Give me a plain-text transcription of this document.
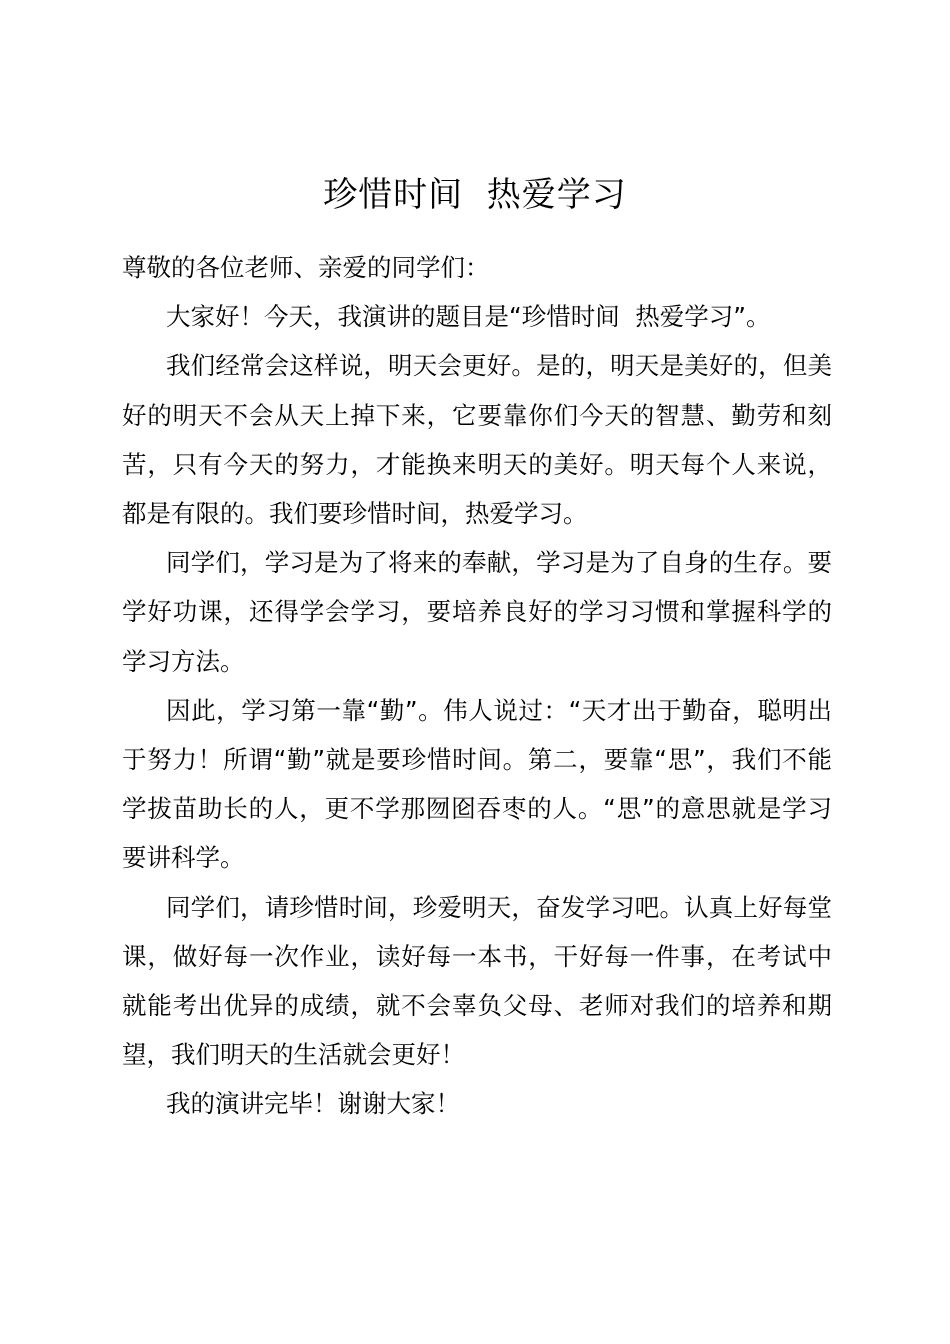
珍惜时间  热爱学习

尊敬的各位老师、亲爱的同学们：

大家好！今天，我演讲的题目是“珍惜时间  热爱学习”。

我们经常会这样说，明天会更好。是的，明天是美好的，但美好的明天不会从天上掉下来，它要靠你们今天的智慧、勤劳和刻苦，只有今天的努力，才能换来明天的美好。明天每个人来说，都是有限的。我们要珍惜时间，热爱学习。

同学们，学习是为了将来的奉献，学习是为了自身的生存。要学好功课，还得学会学习，要培养良好的学习习惯和掌握科学的学习方法。

因此，学习第一靠“勤”。伟人说过：“天才出于勤奋，聪明出于努力！所谓“勤”就是要珍惜时间。第二，要靠“思”，我们不能学拔苗助长的人，更不学那囫囵吞枣的人。“思”的意思就是学习要讲科学。

同学们，请珍惜时间，珍爱明天，奋发学习吧。认真上好每堂课，做好每一次作业，读好每一本书，干好每一件事，在考试中就能考出优异的成绩，就不会辜负父母、老师对我们的培养和期望，我们明天的生活就会更好！

我的演讲完毕！谢谢大家！
